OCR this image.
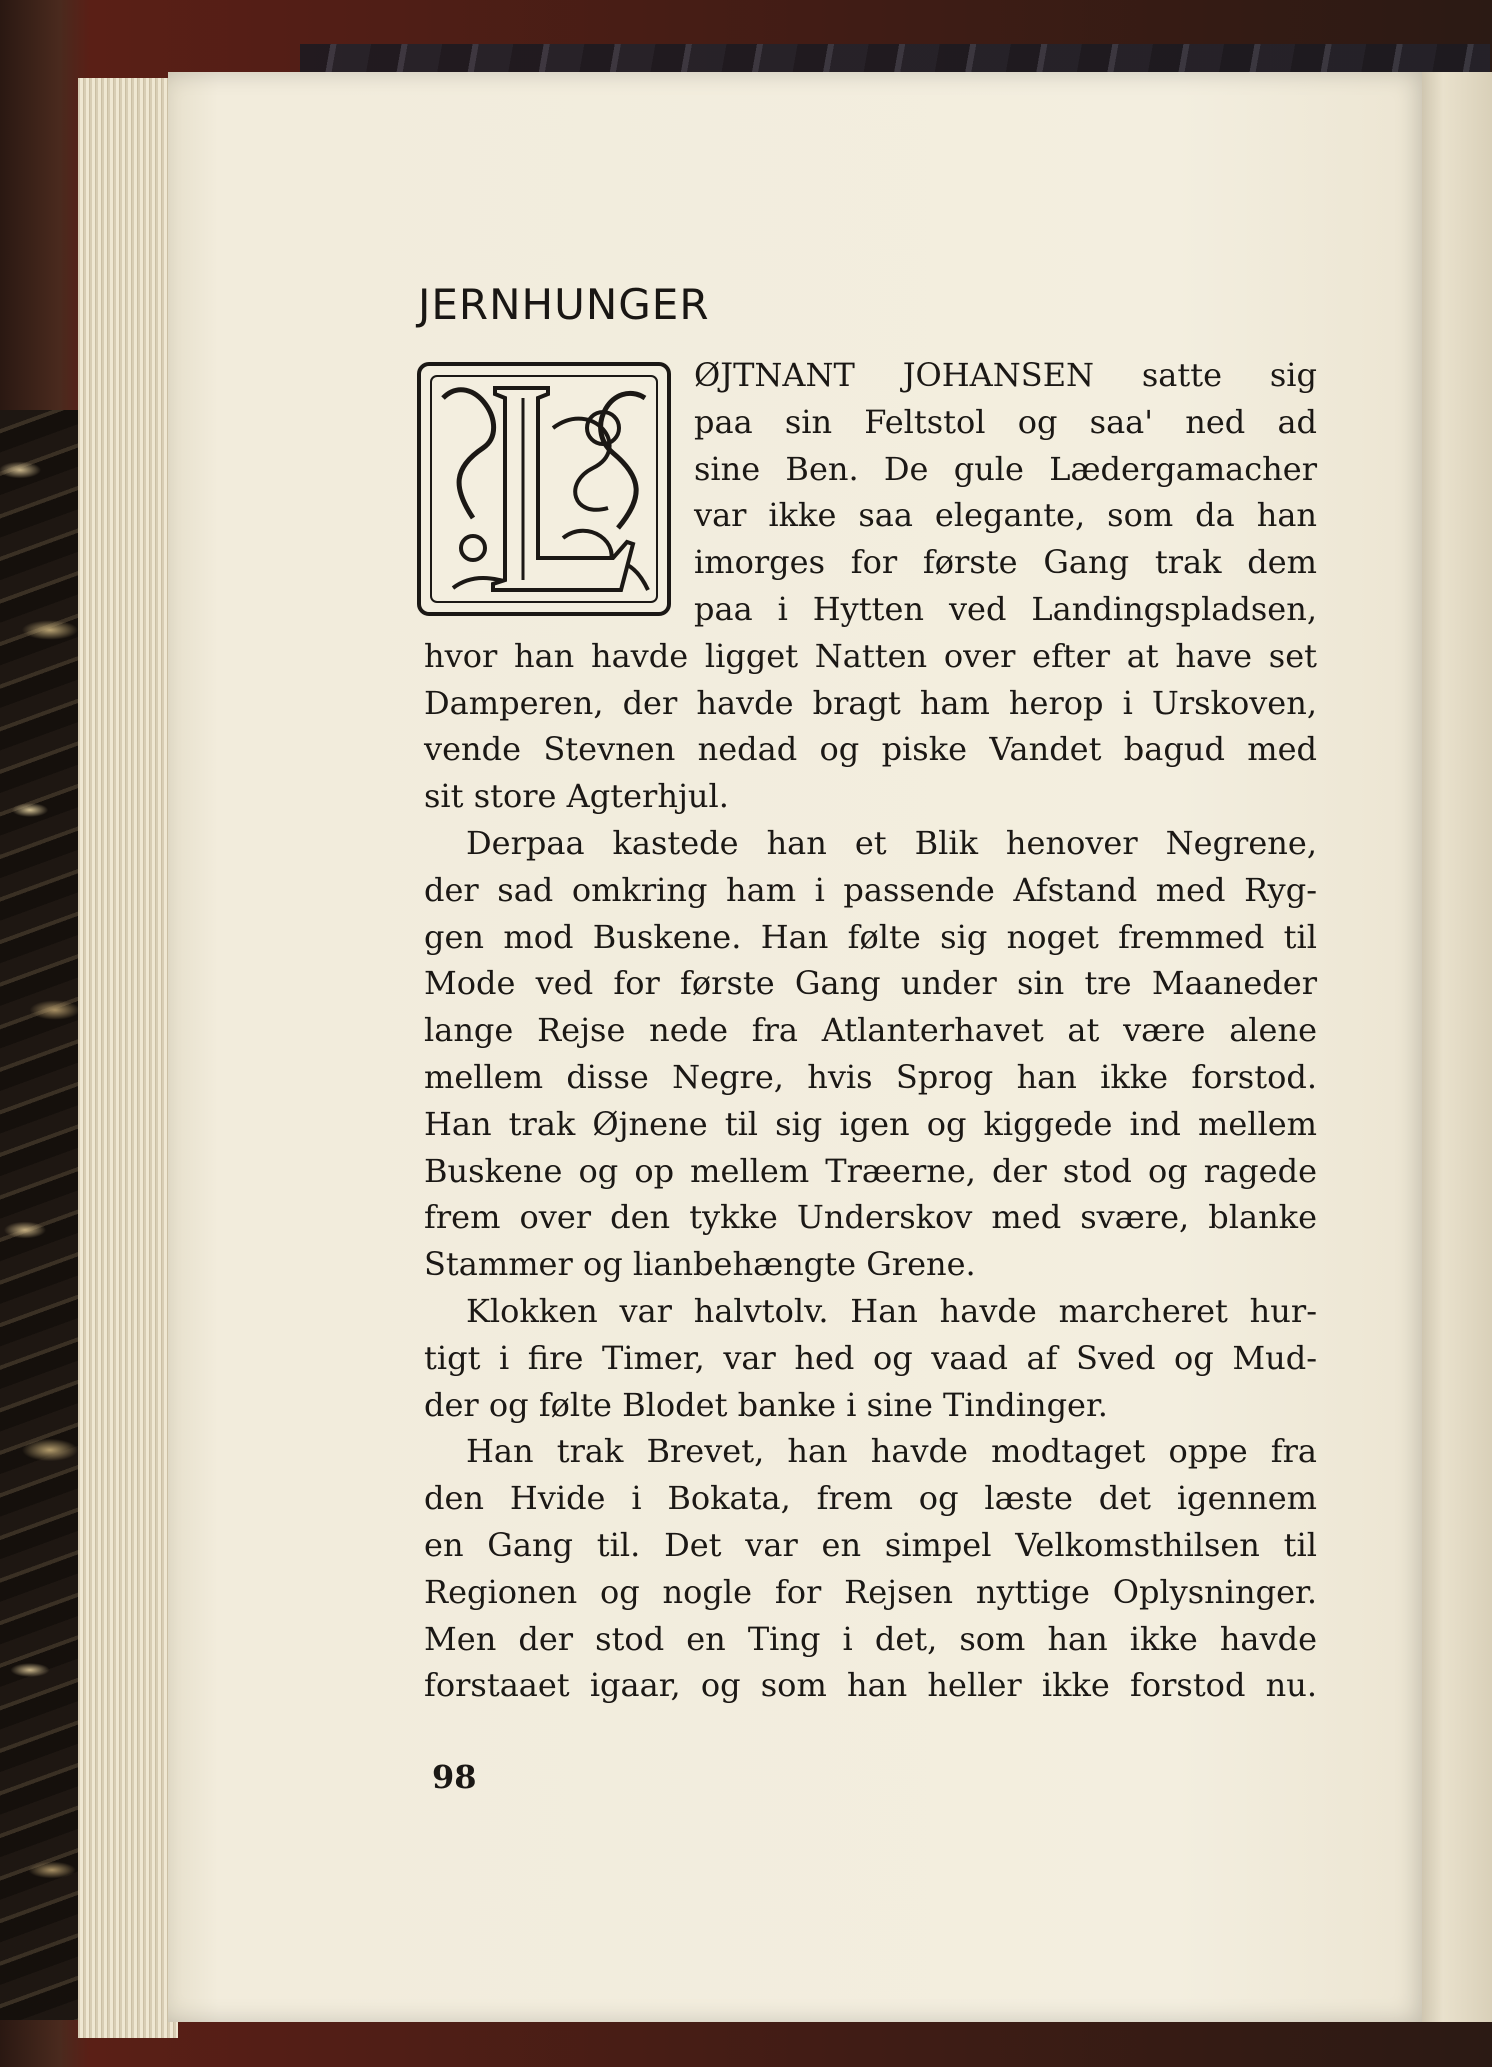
JERNHUNGER
L	ØJTNANT JOHANSEN satte sig
paa sin Feltstol og saa' ned ad
sine Ben. De gule Lædergamacher
var ikke saa elegante, som da han
imorges for første Gang trak dem
paa i Hytten ved Landingspladsen,
hvor han havde ligget Natten over efter at have set
Damperen, der havde bragt ham herop i Urskoven,
vende Stevnen nedad og piske Vandet bagud med
sit store Agterhjul.
Derpaa kastede han et Blik henover Negrene,
der sad omkring ham i passende Afstand med Ryg-
gen mod Buskene. Han følte sig noget fremmed til
Mode ved for første Gang under sin tre Maaneder
lange Rejse nede fra Atlanterhavet at være alene
mellem disse Negre, hvis Sprog han ikke forstod.
Han trak Øjnene til sig igen og kiggede ind mellem
Buskene og op mellem Træerne, der stod og ragede
frem over den tykke Underskov med svære, blanke
Stammer og lianbehængte Grene.
Klokken var halvtolv. Han havde marcheret hur-
tigt i fire Timer, var hed og vaad af Sved og Mud-
der og følte Blodet banke i sine Tindinger.
Han trak Brevet, han havde modtaget oppe fra
den Hvide i Bokata, frem og læste det igennem
en Gang til. Det var en simpel Velkomsthilsen til
Regionen og nogle for Rejsen nyttige Oplysninger.
Men der stod en Ting i det, som han ikke havde
forstaaet igaar, og som han heller ikke forstod nu.

98
